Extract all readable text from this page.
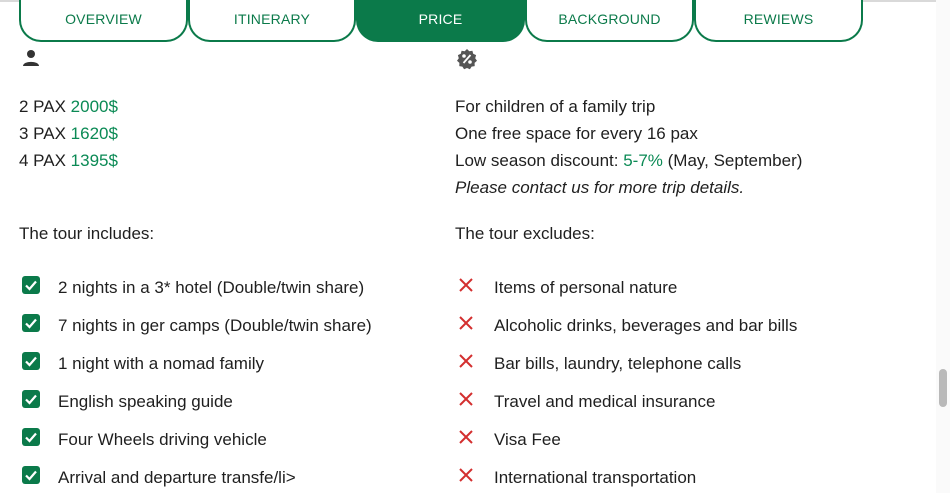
OVERVIEW	ITINERARY	PRICE	BACKGROUND	REWIEWS
2 PAX 2000$
3 PAX 1620$
4 PAX 1395$
For children of a family trip
One free space for every 16 pax
Low season discount: 5-7% (May, September)
Please contact us for more trip details.
The tour includes:
2 nights in a 3* hotel (Double/twin share)
7 nights in ger camps (Double/twin share)
1 night with a nomad family
English speaking guide
Four Wheels driving vehicle
Arrival and departure transfe/li>
The tour excludes:
Items of personal nature
Alcoholic drinks, beverages and bar bills
Bar bills, laundry, telephone calls
Travel and medical insurance
Visa Fee
International transportation
